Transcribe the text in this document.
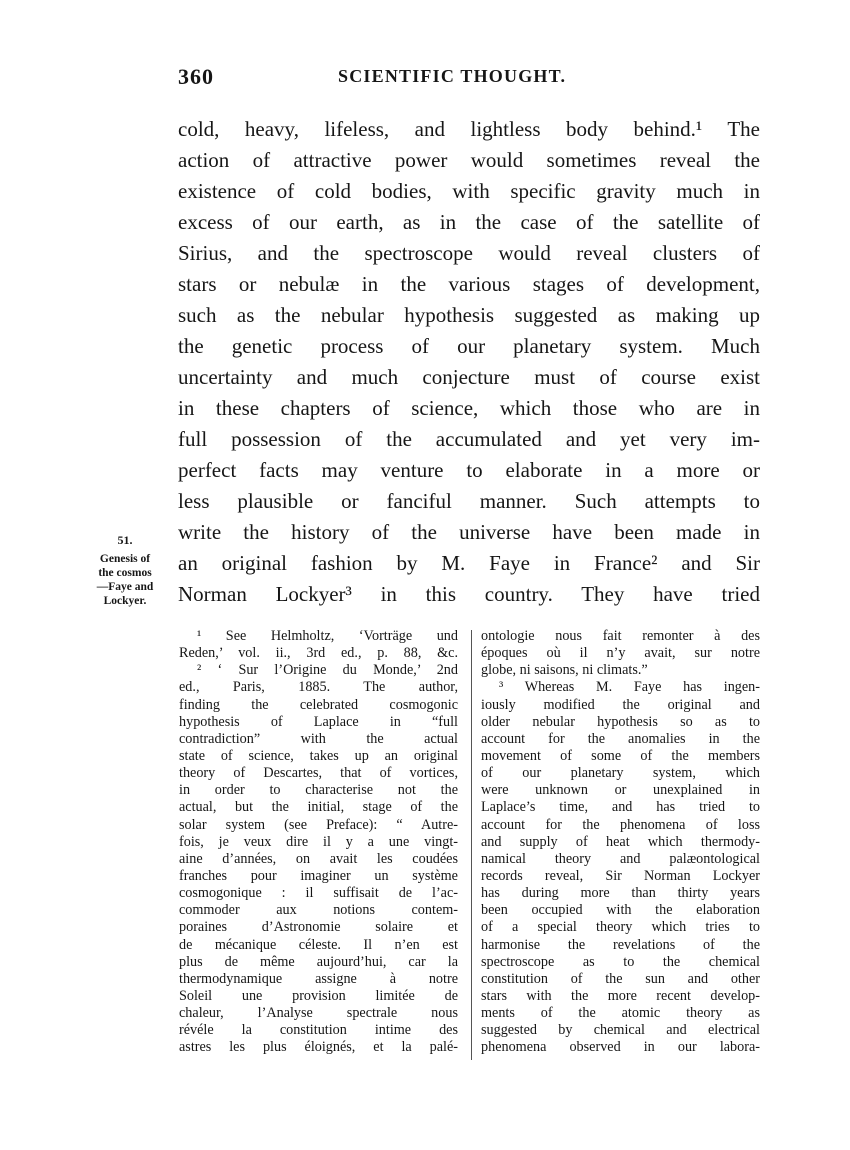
360	SCIENTIFIC THOUGHT.
cold, heavy, lifeless, and lightless body behind.¹ The
action of attractive power would sometimes reveal the
existence of cold bodies, with specific gravity much in
excess of our earth, as in the case of the satellite of
Sirius, and the spectroscope would reveal clusters of
stars or nebulæ in the various stages of development,
such as the nebular hypothesis suggested as making up
the genetic process of our planetary system. Much
uncertainty and much conjecture must of course exist
in these chapters of science, which those who are in
full possession of the accumulated and yet very im-
perfect facts may venture to elaborate in a more or
less plausible or fanciful manner. Such attempts to
write the history of the universe have been made in
an original fashion by M. Faye in France² and Sir
Norman Lockyer³ in this country. They have tried
51.
Genesis of
the cosmos
—Faye and
Lockyer.
¹ See Helmholtz, ‘Vorträge und
Reden,’ vol. ii., 3rd ed., p. 88, &c.
² ‘ Sur l’Origine du Monde,’ 2nd
ed., Paris, 1885. The author,
finding the celebrated cosmogonic
hypothesis of Laplace in “full
contradiction” with the actual
state of science, takes up an original
theory of Descartes, that of vortices,
in order to characterise not the
actual, but the initial, stage of the
solar system (see Preface): “ Autre-
fois, je veux dire il y a une vingt-
aine d’années, on avait les coudées
franches pour imaginer un système
cosmogonique : il suffisait de l’ac-
commoder aux notions contem-
poraines d’Astronomie solaire et
de mécanique céleste. Il n’en est
plus de même aujourd’hui, car la
thermodynamique assigne à notre
Soleil une provision limitée de
chaleur, l’Analyse spectrale nous
révéle la constitution intime des
astres les plus éloignés, et la palé-
ontologie nous fait remonter à des
époques où il n’y avait, sur notre
globe, ni saisons, ni climats.”
³ Whereas M. Faye has ingen-
iously modified the original and
older nebular hypothesis so as to
account for the anomalies in the
movement of some of the members
of our planetary system, which
were unknown or unexplained in
Laplace’s time, and has tried to
account for the phenomena of loss
and supply of heat which thermody-
namical theory and palæontological
records reveal, Sir Norman Lockyer
has during more than thirty years
been occupied with the elaboration
of a special theory which tries to
harmonise the revelations of the
spectroscope as to the chemical
constitution of the sun and other
stars with the more recent develop-
ments of the atomic theory as
suggested by chemical and electrical
phenomena observed in our labora-
